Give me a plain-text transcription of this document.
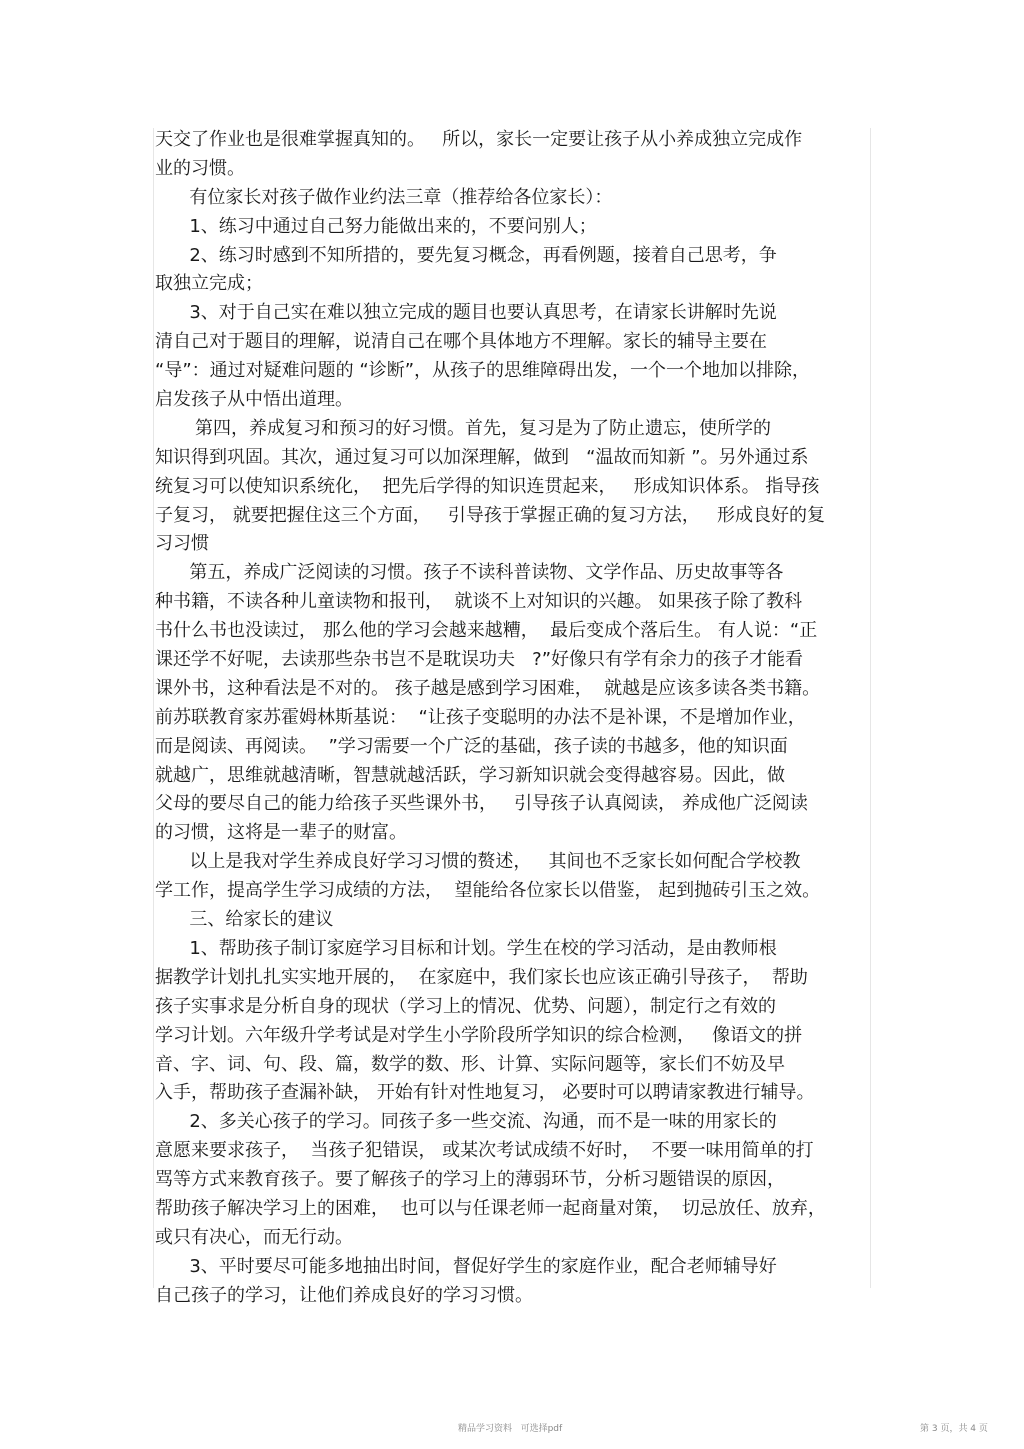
天交了作业也是很难掌握真知的。   所以，家长一定要让孩子从小养成独立完成作
业的习惯。
有位家长对孩子做作业约法三章（推荐给各位家长）：
1、练习中通过自己努力能做出来的，不要问别人；
2、练习时感到不知所措的，要先复习概念，再看例题，接着自己思考，争
取独立完成；
3、对于自己实在难以独立完成的题目也要认真思考，在请家长讲解时先说
清自己对于题目的理解，说清自己在哪个具体地方不理解。家长的辅导主要在
“导”：通过对疑难问题的 “诊断”，从孩子的思维障碍出发，一个一个地加以排除，
启发孩子从中悟出道理。
第四，养成复习和预习的好习惯。首先，复习是为了防止遗忘，使所学的
知识得到巩固。其次，通过复习可以加深理解，做到   “温故而知新 ”。另外通过系
统复习可以使知识系统化，  把先后学得的知识连贯起来，   形成知识体系。 指导孩
子复习， 就要把握住这三个方面，   引导孩于掌握正确的复习方法，   形成良好的复
习习惯
第五，养成广泛阅读的习惯。孩子不读科普读物、文学作品、历史故事等各
种书籍，不读各种儿童读物和报刊，  就谈不上对知识的兴趣。 如果孩子除了教科
书什么书也没读过， 那么他的学习会越来越糟，  最后变成个落后生。 有人说：“正
课还学不好呢，去读那些杂书岂不是耽误功夫   ?”好像只有学有余力的孩子才能看
课外书，这种看法是不对的。 孩子越是感到学习困难，  就越是应该多读各类书籍。
前苏联教育家苏霍姆林斯基说：  “让孩子变聪明的办法不是补课，不是增加作业，
而是阅读、再阅读。  ”学习需要一个广泛的基础，孩子读的书越多，他的知识面
就越广，思维就越清晰，智慧就越活跃，学习新知识就会变得越容易。因此，做
父母的要尽自己的能力给孩子买些课外书，   引导孩子认真阅读， 养成他广泛阅读
的习惯，这将是一辈子的财富。
以上是我对学生养成良好学习习惯的赘述，   其间也不乏家长如何配合学校教
学工作，提高学生学习成绩的方法，  望能给各位家长以借鉴， 起到抛砖引玉之效。
三、给家长的建议
1、帮助孩子制订家庭学习目标和计划。学生在校的学习活动，是由教师根
据教学计划扎扎实实地开展的，  在家庭中，我们家长也应该正确引导孩子，  帮助
孩子实事求是分析自身的现状（学习上的情况、优势、问题），制定行之有效的
学习计划。六年级升学考试是对学生小学阶段所学知识的综合检测，   像语文的拼
音、字、词、句、段、篇，数学的数、形、计算、实际问题等，家长们不妨及早
入手，帮助孩子查漏补缺， 开始有针对性地复习， 必要时可以聘请家教进行辅导。
2、多关心孩子的学习。同孩子多一些交流、沟通，而不是一味的用家长的
意愿来要求孩子，  当孩子犯错误， 或某次考试成绩不好时，  不要一味用简单的打
骂等方式来教育孩子。要了解孩子的学习上的薄弱环节，分析习题错误的原因，
帮助孩子解决学习上的困难，  也可以与任课老师一起商量对策，  切忌放任、放弃，
或只有决心，而无行动。
3、平时要尽可能多地抽出时间，督促好学生的家庭作业，配合老师辅导好
自己孩子的学习，让他们养成良好的学习习惯。
精品学习资料   可选择pdf	第 3 页，共 4 页
